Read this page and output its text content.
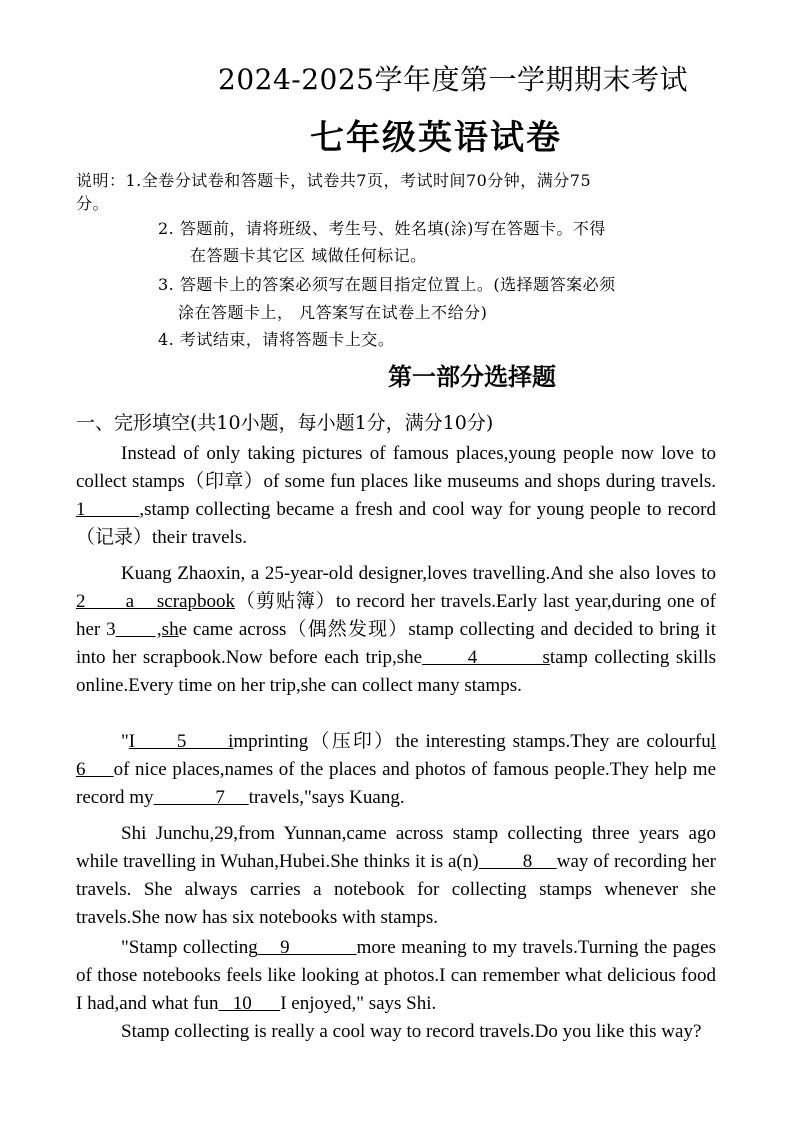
2024-2025学年度第一学期期末考试
七年级英语试卷
说明：1.全卷分试卷和答题卡，试卷共7页，考试时间70分钟，满分75
分。
2. 答题前，请将班级、考生号、姓名填(涂)写在答题卡。不得
在答题卡其它区 域做任何标记。
3. 答题卡上的答案必须写在题目指定位置上。(选择题答案必须
涂在答题卡上， 凡答案写在试卷上不给分)
4. 考试结束，请将答题卡上交。
第一部分选择题
一、完形填空(共10小题，每小题1分，满分10分)

Instead of only taking pictures of famous places,young people now love to collect stamps（印章）of some fun places like museums and shops during travels. 1         ,stamp collecting became a fresh and cool way for young people to record（记录）their travels.

Kuang Zhaoxin, a 25-year-old designer,loves travelling.And she also loves to 2       a    scrapbook（剪贴簿）to record her travels.Early last year,during one of her 3       ,she came across（偶然发现）stamp collecting and decided to bring it into her scrapbook.Now before each trip,she       4          stamp collecting skills online.Every time on her trip,she can collect many stamps.

"I      5      imprinting（压印）the interesting stamps.They are colourful 6     of nice places,names of the places and photos of famous people.They help me record my             7     travels,"says Kuang.

Shi Junchu,29,from Yunnan,came across stamp collecting three years ago while travelling in Wuhan,Hubei.She thinks it is a(n)         8     way of recording her travels. She always carries a notebook for collecting stamps whenever she travels.She now has six notebooks with stamps.

"Stamp collecting    9            more meaning to my travels.Turning the pages of those notebooks feels like looking at photos.I can remember what delicious food I had,and what fun   10      I enjoyed," says Shi.

Stamp collecting is really a cool way to record travels.Do you like this way?
